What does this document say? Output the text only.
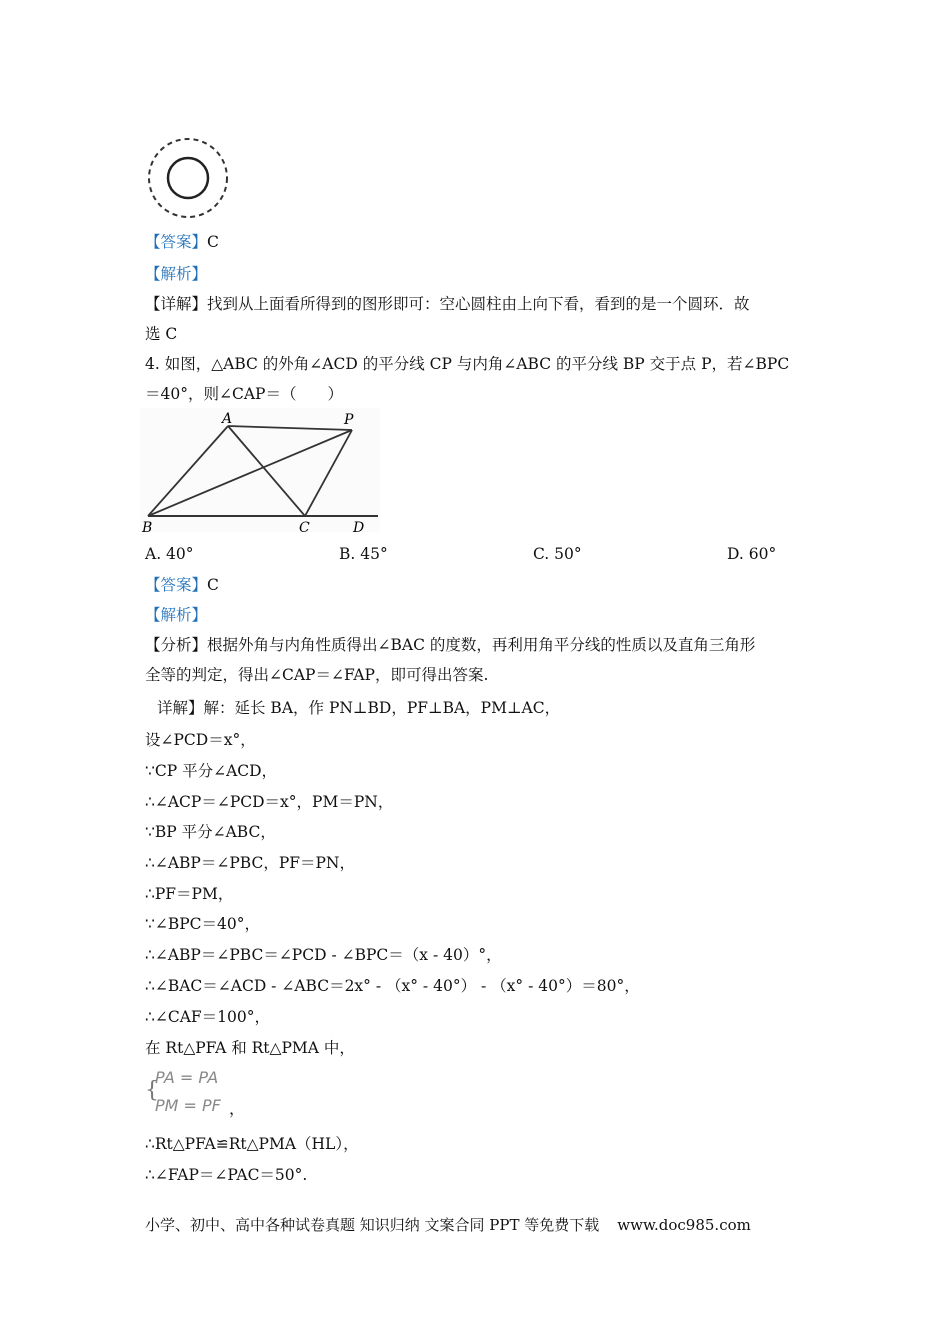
【答案】C
【解析】
【详解】找到从上面看所得到的图形即可：空心圆柱由上向下看，看到的是一个圆环．故
选 C
4. 如图，△ABC 的外角∠ACD 的平分线 CP 与内角∠ABC 的平分线 BP 交于点 P，若∠BPC
＝40°，则∠CAP＝（　　）
A	P
B	C	D
A. 40°	B. 45°	C. 50°	D. 60°
【答案】C
【解析】
【分析】根据外角与内角性质得出∠BAC 的度数，再利用角平分线的性质以及直角三角形
全等的判定，得出∠CAP＝∠FAP，即可得出答案.
详解】解：延长 BA，作 PN⊥BD，PF⊥BA，PM⊥AC，
设∠PCD＝x°，
∵CP 平分∠ACD，
∴∠ACP＝∠PCD＝x°，PM＝PN，
∵BP 平分∠ABC，
∴∠ABP＝∠PBC，PF＝PN，
∴PF＝PM，
∵∠BPC＝40°，
∴∠ABP＝∠PBC＝∠PCD - ∠BPC＝（x - 40）°，
∴∠BAC＝∠ACD - ∠ABC＝2x° - （x° - 40°） - （x° - 40°）＝80°，
∴∠CAF＝100°，
在 Rt△PFA 和 Rt△PMA 中，
{
PA = PA
PM = PF ，
∴Rt△PFA≌Rt△PMA（HL），
∴∠FAP＝∠PAC＝50°.
小学、初中、高中各种试卷真题 知识归纳 文案合同 PPT 等免费下载 www.doc985.com
